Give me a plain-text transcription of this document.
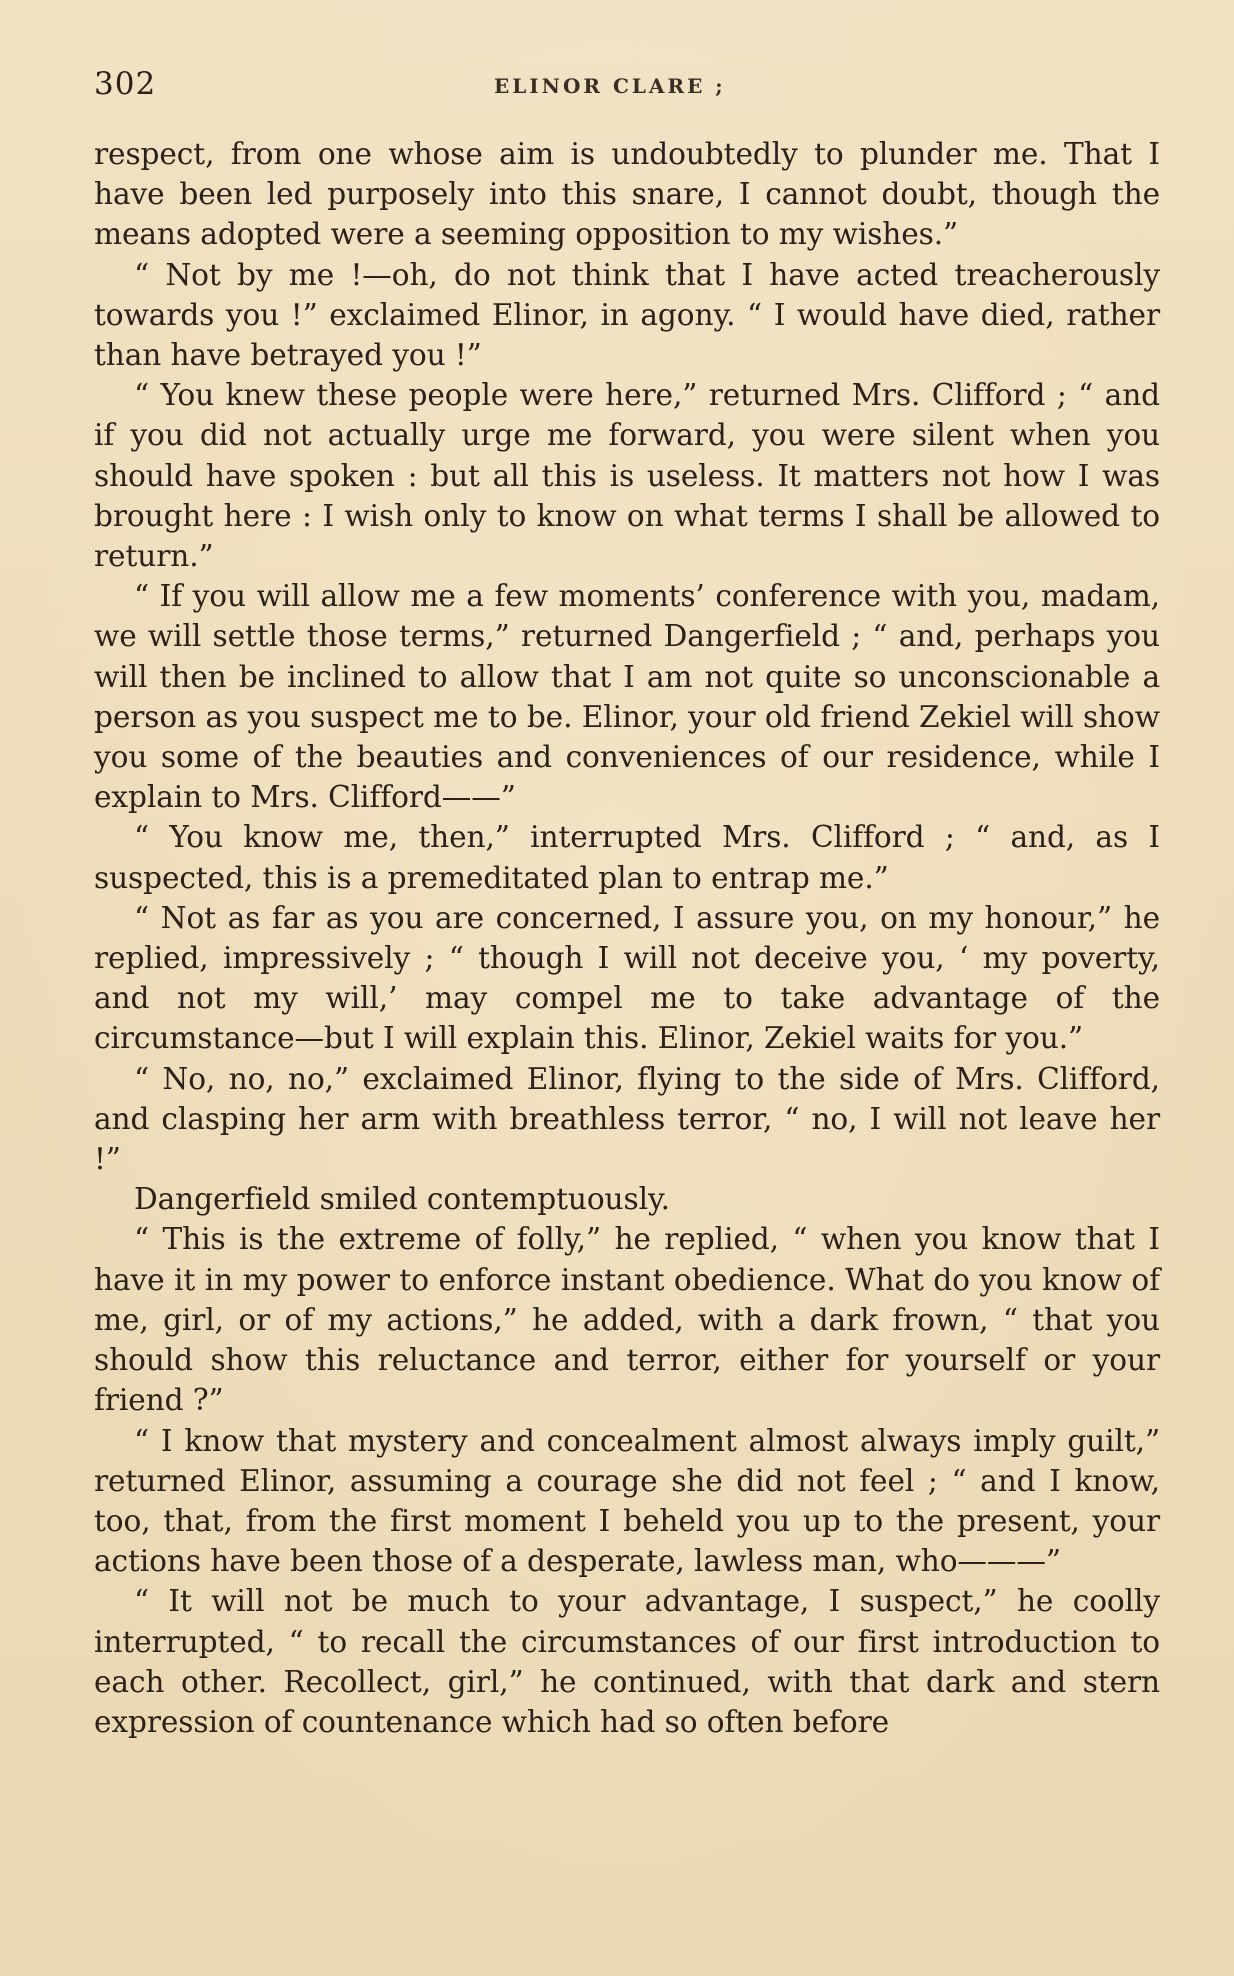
302	ELINOR CLARE ;

respect, from one whose aim is undoubtedly to plunder me. That I have been led purposely into this snare, I cannot doubt, though the means adopted were a seeming opposition to my wishes.”

“ Not by me !—oh, do not think that I have acted treacherously towards you !” exclaimed Elinor, in agony. “ I would have died, rather than have betrayed you !”

“ You knew these people were here,” returned Mrs. Clifford ; “ and if you did not actually urge me forward, you were silent when you should have spoken : but all this is useless. It matters not how I was brought here : I wish only to know on what terms I shall be allowed to return.”

“ If you will allow me a few moments’ conference with you, madam, we will settle those terms,” returned Dangerfield ; “ and, perhaps you will then be inclined to allow that I am not quite so unconscionable a person as you suspect me to be. Elinor, your old friend Zekiel will show you some of the beauties and conveniences of our residence, while I explain to Mrs. Clifford——”

“ You know me, then,” interrupted Mrs. Clifford ; “ and, as I suspected, this is a premeditated plan to entrap me.”

“ Not as far as you are concerned, I assure you, on my honour,” he replied, impressively ; “ though I will not deceive you, ‘ my poverty, and not my will,’ may compel me to take advantage of the circumstance—but I will explain this. Elinor, Zekiel waits for you.”

“ No, no, no,” exclaimed Elinor, flying to the side of Mrs. Clifford, and clasping her arm with breathless terror, “ no, I will not leave her !”

Dangerfield smiled contemptuously.

“ This is the extreme of folly,” he replied, “ when you know that I have it in my power to enforce instant obedience. What do you know of me, girl, or of my actions,” he added, with a dark frown, “ that you should show this reluctance and terror, either for yourself or your friend ?”

“ I know that mystery and concealment almost always imply guilt,” returned Elinor, assuming a courage she did not feel ; “ and I know, too, that, from the first moment I beheld you up to the present, your actions have been those of a desperate, lawless man, who———”

“ It will not be much to your advantage, I suspect,” he coolly interrupted, “ to recall the circumstances of our first introduction to each other. Recollect, girl,” he continued, with that dark and stern expression of countenance which had so often before
